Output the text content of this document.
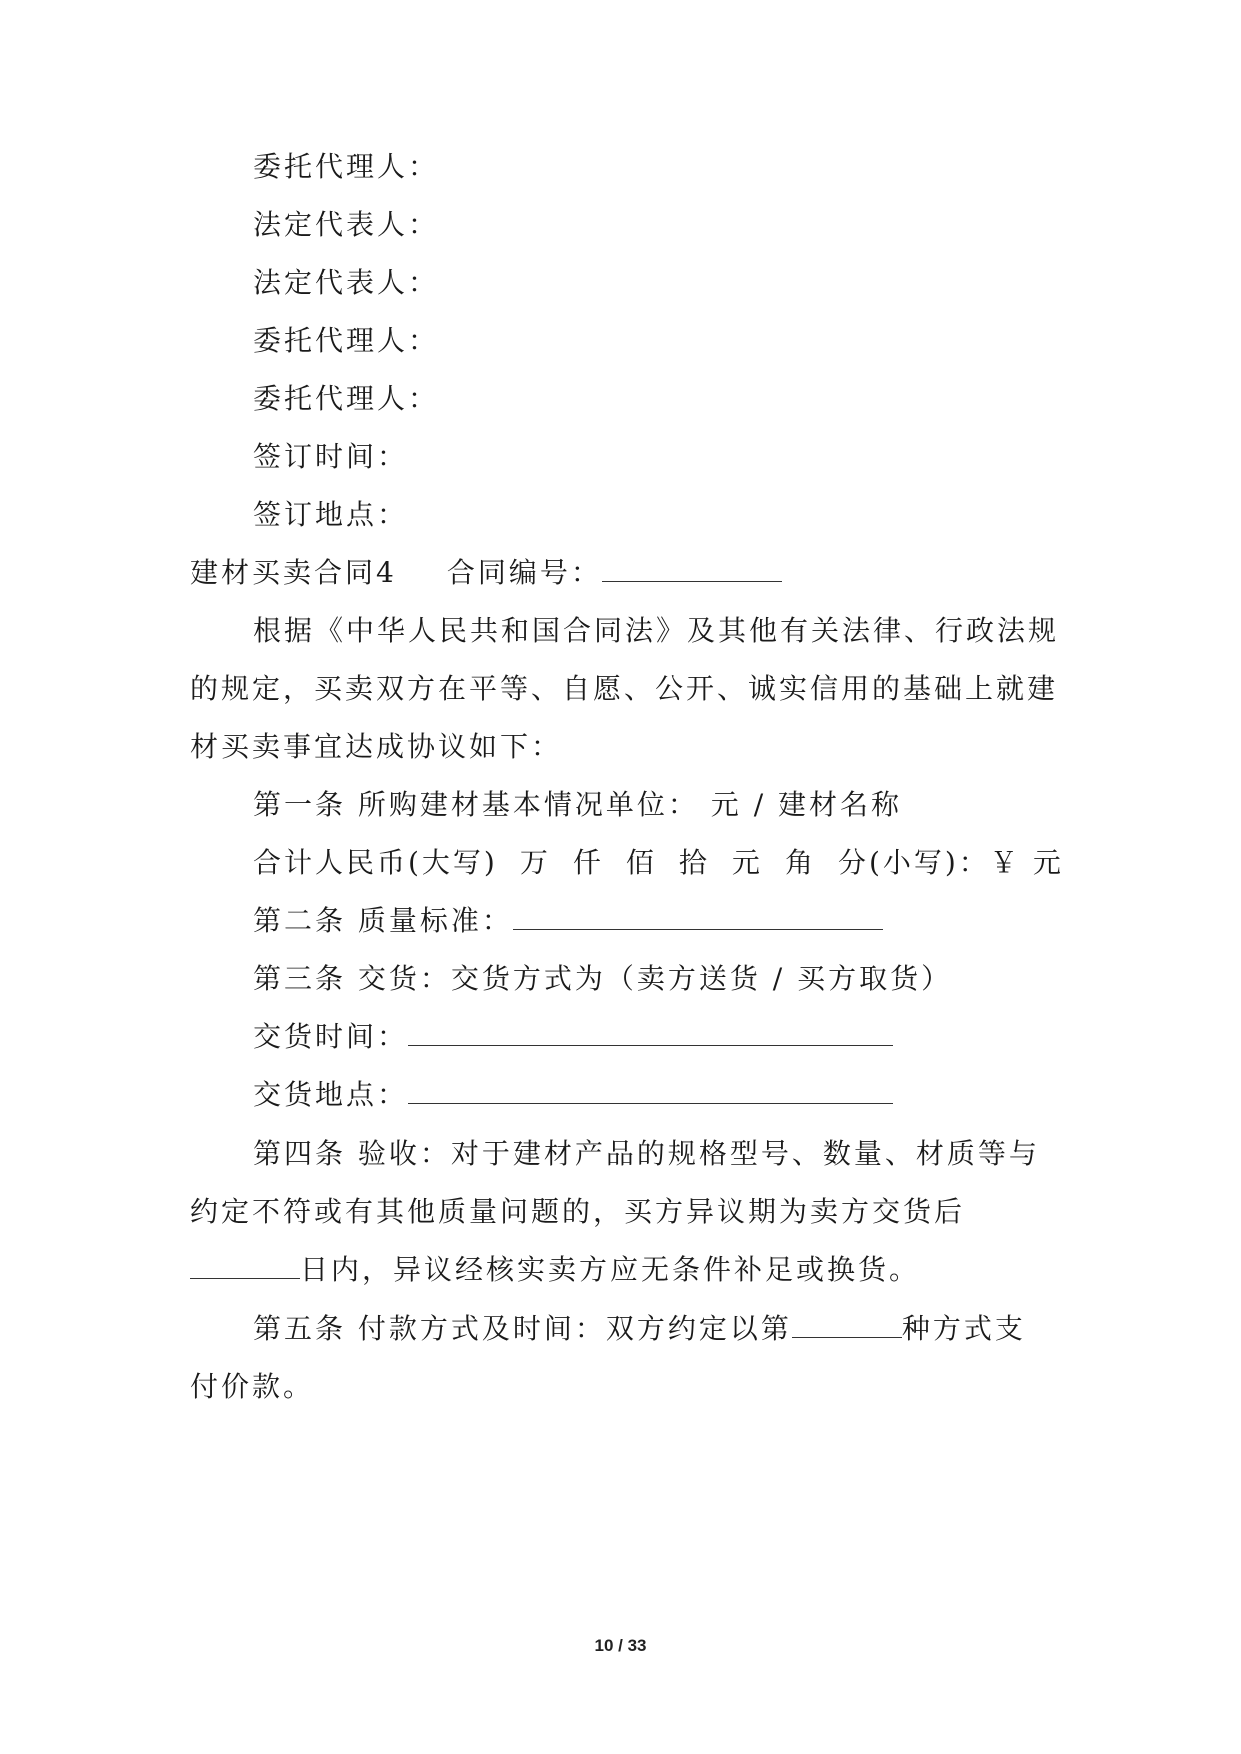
委托代理人：
法定代表人：
法定代表人：
委托代理人：
委托代理人：
签订时间：
签订地点：
建材买卖合同4 合同编号：
根据《中华人民共和国合同法》及其他有关法律、行政法规
的规定，买卖双方在平等、自愿、公开、诚实信用的基础上就建
材买卖事宜达成协议如下：
第一条 所购建材基本情况单位： 元 / 建材名称
合计人民币(大写) 万 仟 佰 拾 元 角 分(小写)：￥ 元
第二条 质量标准：
第三条 交货：交货方式为（卖方送货 / 买方取货）
交货时间：
交货地点：
第四条 验收：对于建材产品的规格型号、数量、材质等与
约定不符或有其他质量问题的，买方异议期为卖方交货后
日内，异议经核实卖方应无条件补足或换货。
第五条 付款方式及时间：双方约定以第	种方式支
付价款。
10 / 33
